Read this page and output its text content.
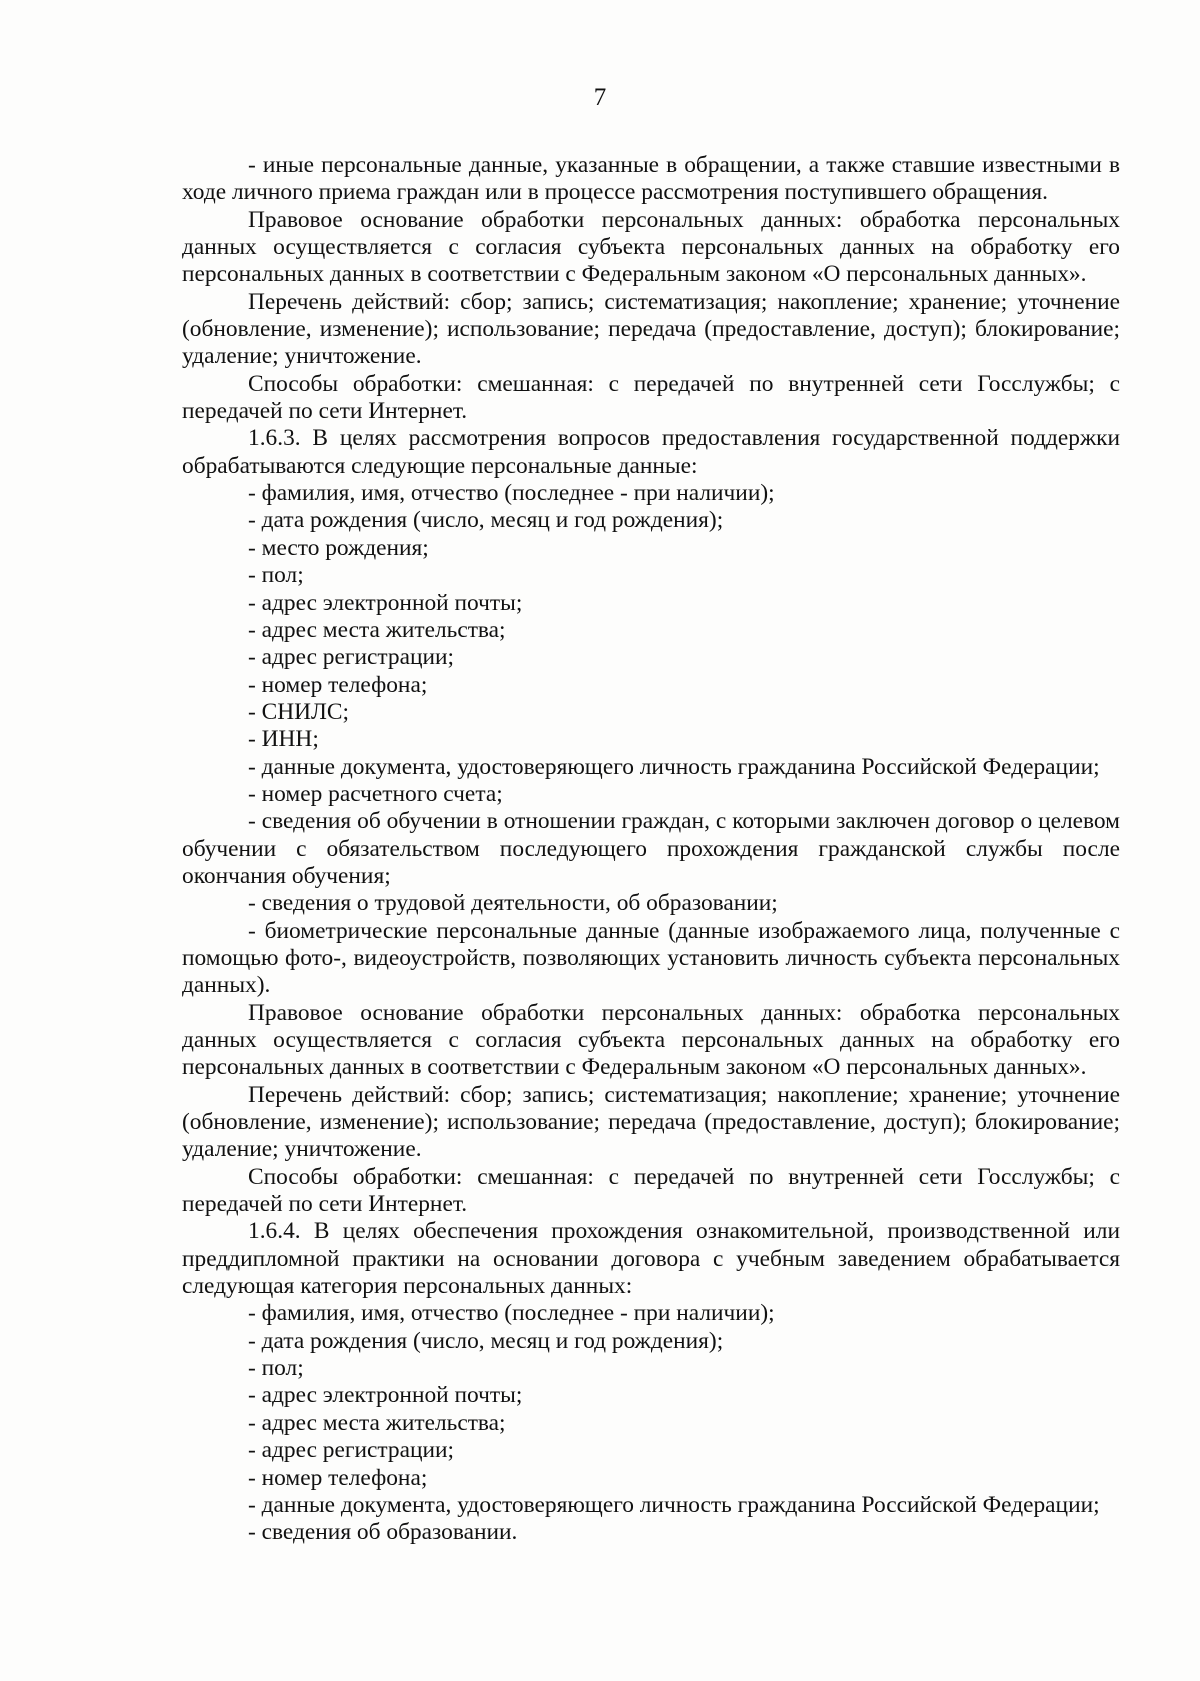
7

- иные персональные данные, указанные в обращении, а также ставшие известными в ходе личного приема граждан или в процессе рассмотрения поступившего обращения.

Правовое основание обработки персональных данных: обработка персональных данных осуществляется с согласия субъекта персональных данных на обработку его персональных данных в соответствии с Федеральным законом «О персональных данных».

Перечень действий: сбор; запись; систематизация; накопление; хранение; уточнение (обновление, изменение); использование; передача (предоставление, доступ); блокирование; удаление; уничтожение.

Способы обработки: смешанная: с передачей по внутренней сети Госслужбы; с передачей по сети Интернет.

1.6.3. В целях рассмотрения вопросов предоставления государственной поддержки обрабатываются следующие персональные данные:

- фамилия, имя, отчество (последнее - при наличии);

- дата рождения (число, месяц и год рождения);

- место рождения;

- пол;

- адрес электронной почты;

- адрес места жительства;

- адрес регистрации;

- номер телефона;

- СНИЛС;

- ИНН;

- данные документа, удостоверяющего личность гражданина Российской Федерации;

- номер расчетного счета;

- сведения об обучении в отношении граждан, с которыми заключен договор о целевом обучении с обязательством последующего прохождения гражданской службы после окончания обучения;

- сведения о трудовой деятельности, об образовании;

- биометрические персональные данные (данные изображаемого лица, полученные с помощью фото-, видеоустройств, позволяющих установить личность субъекта персональных данных).

Правовое основание обработки персональных данных: обработка персональных данных осуществляется с согласия субъекта персональных данных на обработку его персональных данных в соответствии с Федеральным законом «О персональных данных».

Перечень действий: сбор; запись; систематизация; накопление; хранение; уточнение (обновление, изменение); использование; передача (предоставление, доступ); блокирование; удаление; уничтожение.

Способы обработки: смешанная: с передачей по внутренней сети Госслужбы; с передачей по сети Интернет.

1.6.4. В целях обеспечения прохождения ознакомительной, производственной или преддипломной практики на основании договора с учебным заведением обрабатывается следующая категория персональных данных:

- фамилия, имя, отчество (последнее - при наличии);

- дата рождения (число, месяц и год рождения);

- пол;

- адрес электронной почты;

- адрес места жительства;

- адрес регистрации;

- номер телефона;

- данные документа, удостоверяющего личность гражданина Российской Федерации;

- сведения об образовании.
